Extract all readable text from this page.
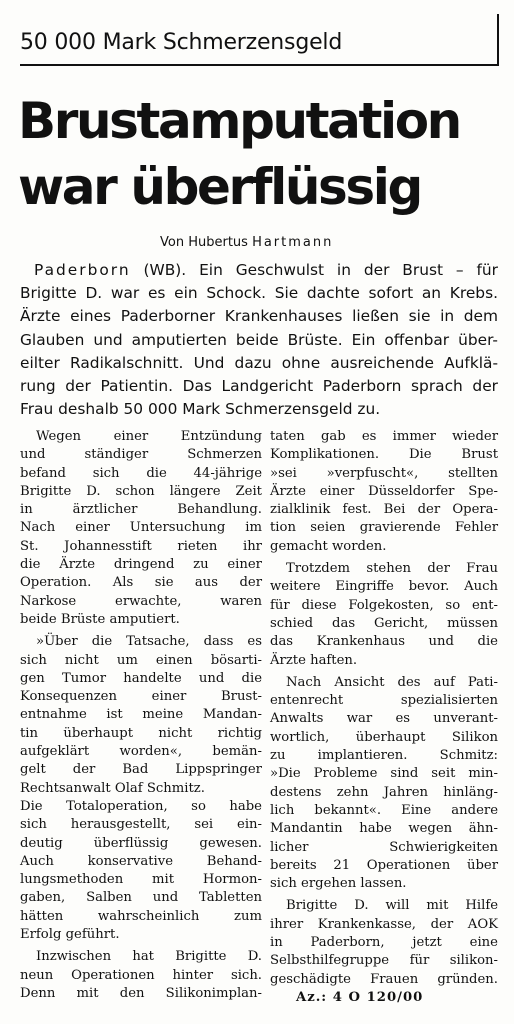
50 000 Mark Schmerzensgeld
Brustamputation
war überflüssig
Von Hubertus Hartmann
Paderborn (WB). Ein Geschwulst in der Brust – für
Brigitte D. war es ein Schock. Sie dachte sofort an Krebs.
Ärzte eines Paderborner Krankenhauses ließen sie in dem
Glauben und amputierten beide Brüste. Ein offenbar über-
eilter Radikalschnitt. Und dazu ohne ausreichende Aufklä-
rung der Patientin. Das Landgericht Paderborn sprach der
Frau deshalb 50 000 Mark Schmerzensgeld zu.
Wegen einer Entzündung
und ständiger Schmerzen
befand sich die 44-jährige
Brigitte D. schon längere Zeit
in ärztlicher Behandlung.
Nach einer Untersuchung im
St. Johannesstift rieten ihr
die Ärzte dringend zu einer
Operation. Als sie aus der
Narkose erwachte, waren
beide Brüste amputiert.
»Über die Tatsache, dass es
sich nicht um einen bösarti-
gen Tumor handelte und die
Konsequenzen einer Brust-
entnahme ist meine Mandan-
tin überhaupt nicht richtig
aufgeklärt worden«, bemän-
gelt der Bad Lippspringer
Rechtsanwalt Olaf Schmitz.
Die Totaloperation, so habe
sich herausgestellt, sei ein-
deutig überflüssig gewesen.
Auch konservative Behand-
lungsmethoden mit Hormon-
gaben, Salben und Tabletten
hätten wahrscheinlich zum
Erfolg geführt.
Inzwischen hat Brigitte D.
neun Operationen hinter sich.
Denn mit den Silikonimplan-
taten gab es immer wieder
Komplikationen. Die Brust
»sei »verpfuscht«, stellten
Ärzte einer Düsseldorfer Spe-
zialklinik fest. Bei der Opera-
tion seien gravierende Fehler
gemacht worden.
Trotzdem stehen der Frau
weitere Eingriffe bevor. Auch
für diese Folgekosten, so ent-
schied das Gericht, müssen
das Krankenhaus und die
Ärzte haften.
Nach Ansicht des auf Pati-
entenrecht spezialisierten
Anwalts war es unverant-
wortlich, überhaupt Silikon
zu implantieren. Schmitz:
»Die Probleme sind seit min-
destens zehn Jahren hinläng-
lich bekannt«. Eine andere
Mandantin habe wegen ähn-
licher Schwierigkeiten
bereits 21 Operationen über
sich ergehen lassen.
Brigitte D. will mit Hilfe
ihrer Krankenkasse, der AOK
in Paderborn, jetzt eine
Selbsthilfegruppe für silikon-
geschädigte Frauen gründen.
Az.: 4 O 120/00
